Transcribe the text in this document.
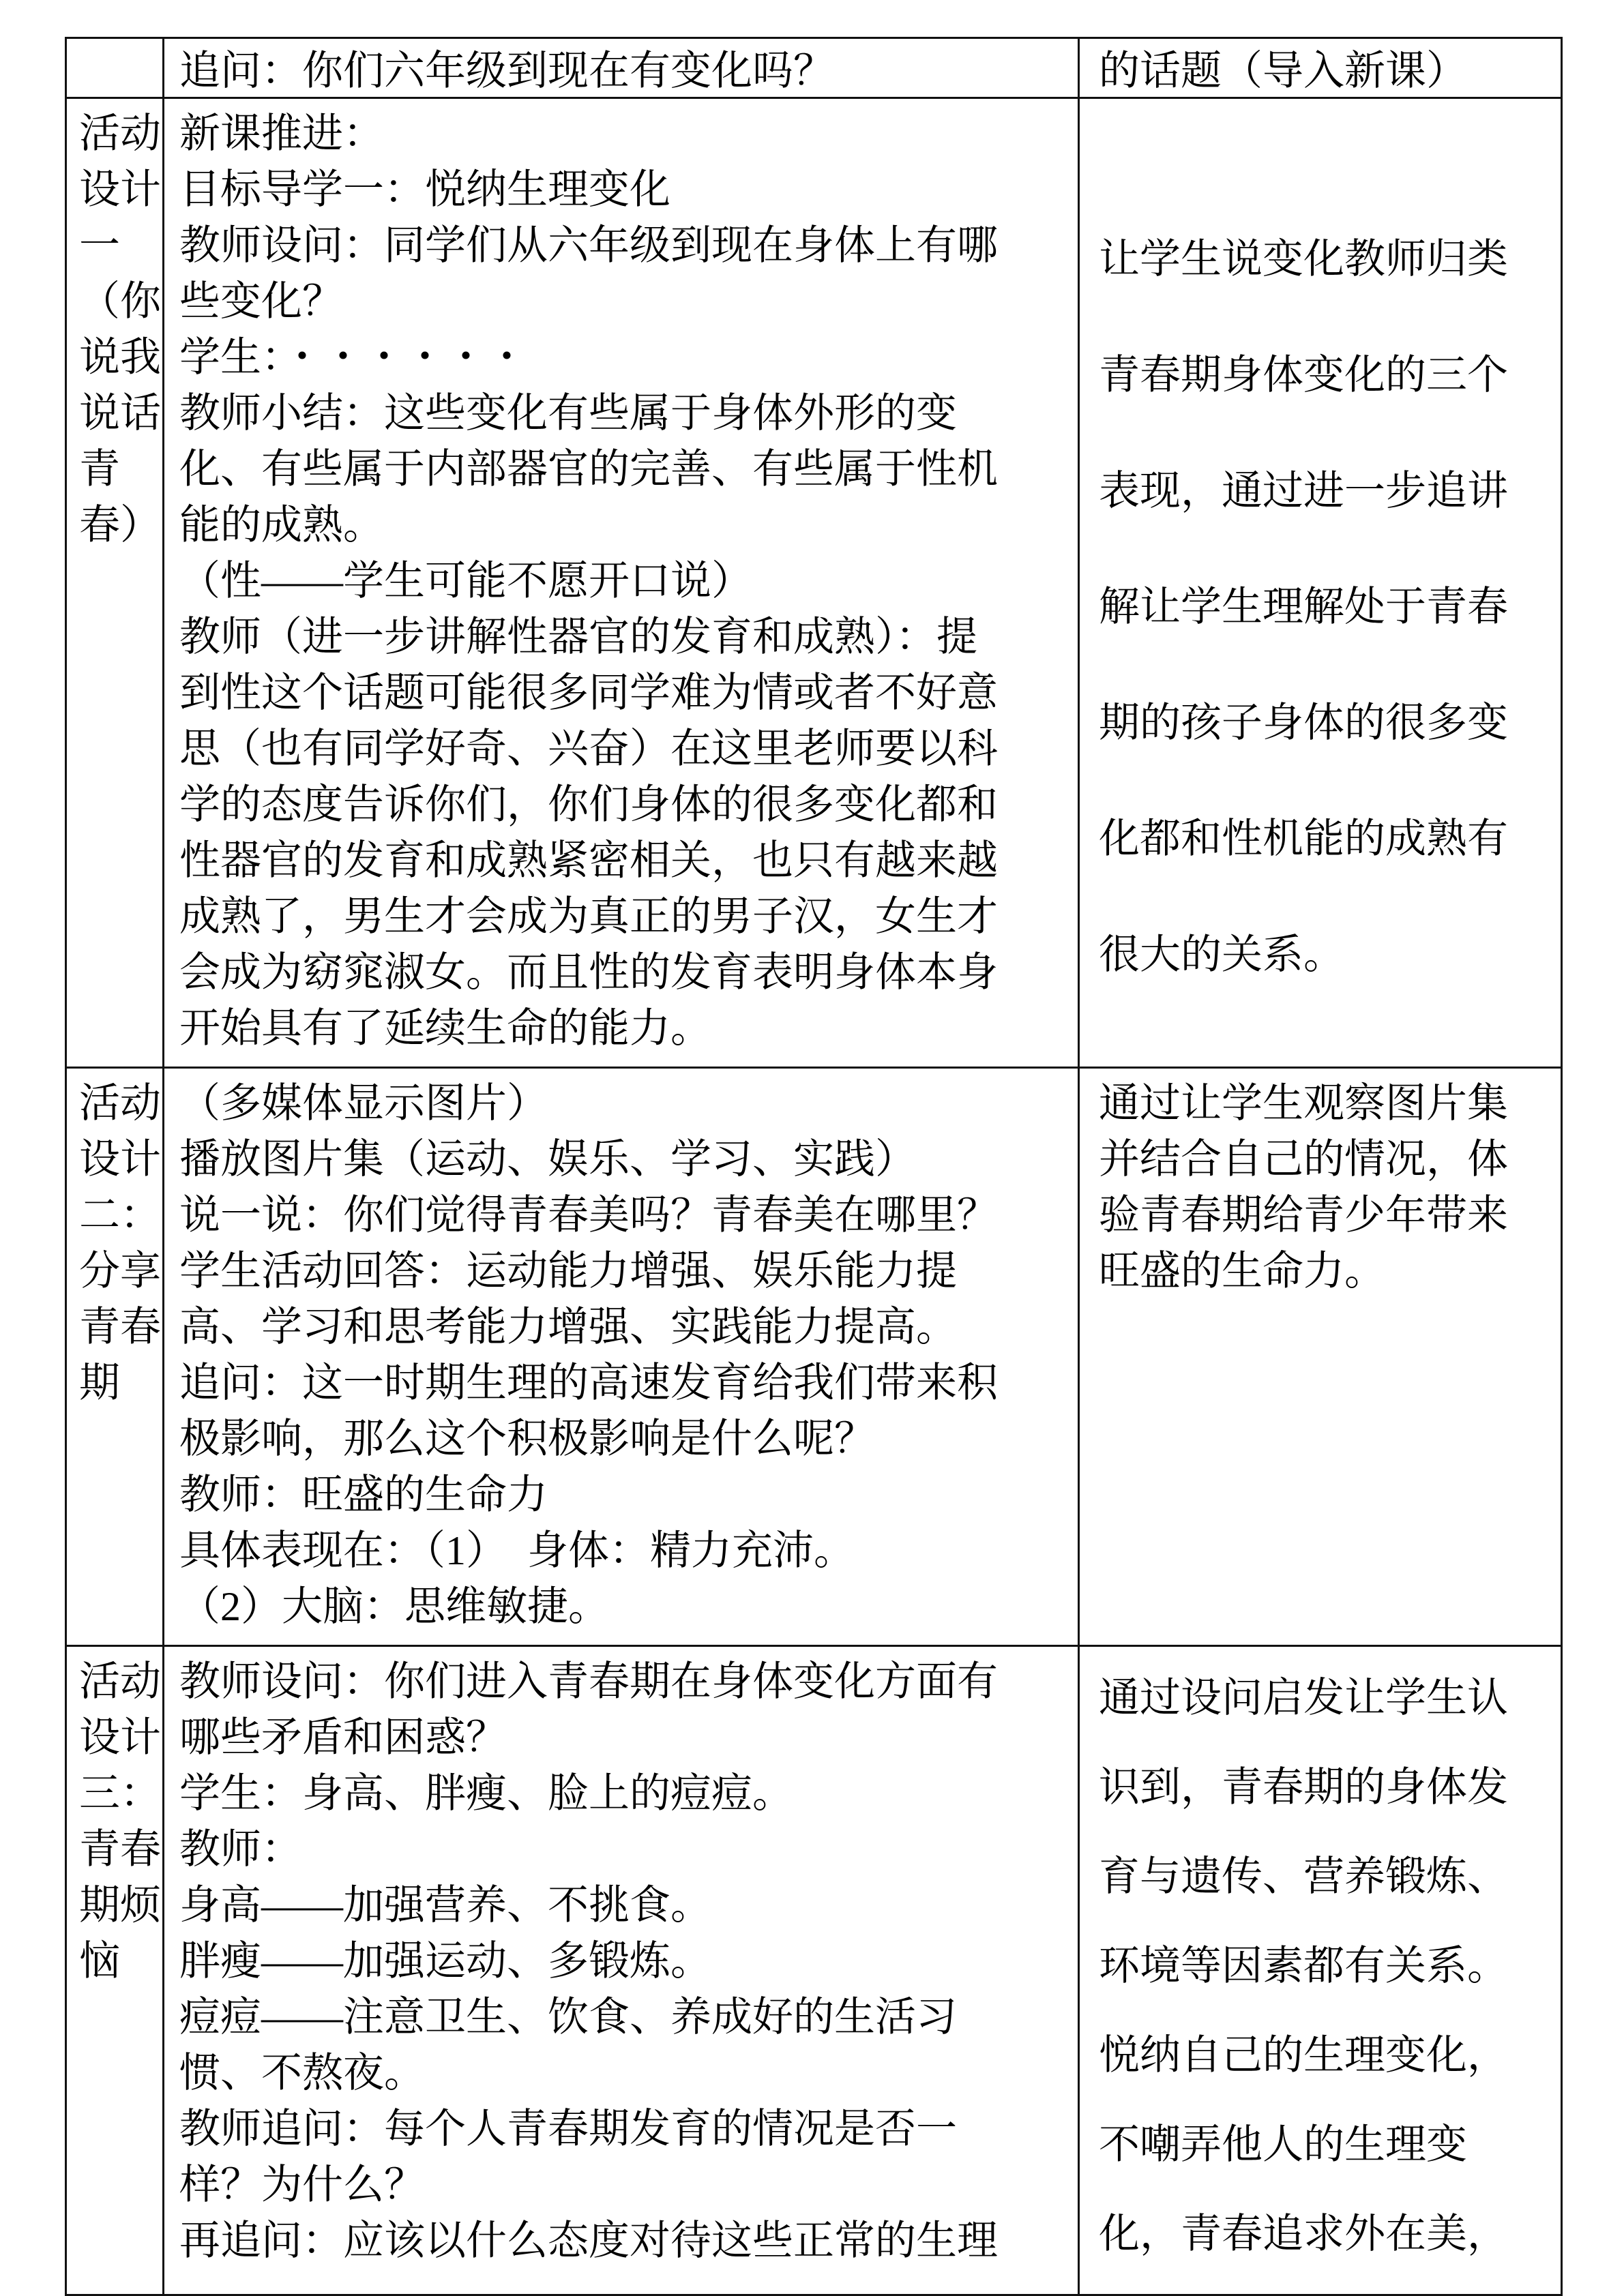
追问：你们六年级到现在有变化吗？	的话题（导入新课）
活动
设计
一
（你
说我
说话
青
春）
新课推进：
目标导学一：悦纳生理变化
教师设问：同学们从六年级到现在身体上有哪
些变化？
学生：・・・・・・
教师小结：这些变化有些属于身体外形的变
化、有些属于内部器官的完善、有些属于性机
能的成熟。
（性——学生可能不愿开口说）
教师（进一步讲解性器官的发育和成熟）：提
到性这个话题可能很多同学难为情或者不好意
思（也有同学好奇、兴奋）在这里老师要以科
学的态度告诉你们，你们身体的很多变化都和
性器官的发育和成熟紧密相关，也只有越来越
成熟了，男生才会成为真正的男子汉，女生才
会成为窈窕淑女。而且性的发育表明身体本身
开始具有了延续生命的能力。
让学生说变化教师归类
青春期身体变化的三个
表现，通过进一步追讲
解让学生理解处于青春
期的孩子身体的很多变
化都和性机能的成熟有
很大的关系。
活动
设计
二：
分享
青春
期
（多媒体显示图片）
播放图片集（运动、娱乐、学习、实践）
说一说：你们觉得青春美吗？青春美在哪里？
学生活动回答：运动能力增强、娱乐能力提
高、学习和思考能力增强、实践能力提高。
追问：这一时期生理的高速发育给我们带来积
极影响，那么这个积极影响是什么呢？
教师：旺盛的生命力
具体表现在：（1）　身体：精力充沛。
（2）大脑：思维敏捷。
通过让学生观察图片集
并结合自己的情况，体
验青春期给青少年带来
旺盛的生命力。
活动
设计
三：
青春
期烦
恼
教师设问：你们进入青春期在身体变化方面有
哪些矛盾和困惑？
学生：身高、胖瘦、脸上的痘痘。
教师：
身高——加强营养、不挑食。
胖瘦——加强运动、多锻炼。
痘痘——注意卫生、饮食、养成好的生活习
惯、不熬夜。
教师追问：每个人青春期发育的情况是否一
样？为什么？
再追问：应该以什么态度对待这些正常的生理
通过设问启发让学生认
识到，青春期的身体发
育与遗传、营养锻炼、
环境等因素都有关系。
悦纳自己的生理变化，
不嘲弄他人的生理变
化，青春追求外在美，
